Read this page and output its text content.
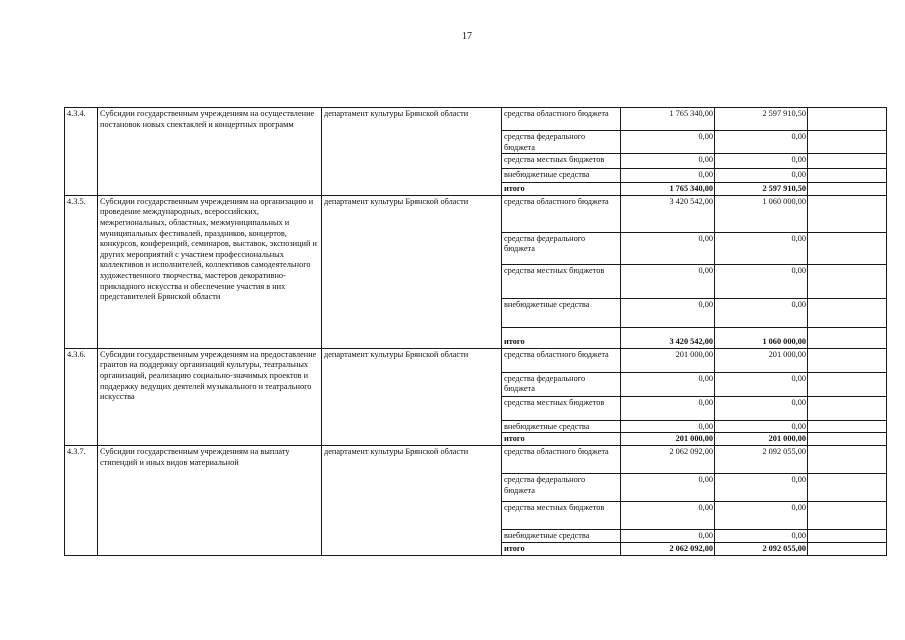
17
4.3.4.	Субсидии государственным учреждениям на осуществление постановок новых спектаклей и концертных программ	департамент культуры Брянской области	средства областного бюджета	1 765 340,00	2 597 910,50	
			средства федерального бюджета	0,00	0,00	
			средства местных бюджетов	0,00	0,00	
			внебюджетные средства	0,00	0,00	
			итого	1 765 340,00	2 597 910,50	
4.3.5.	Субсидии государственным учреждениям на организацию и проведение международных, всероссийских, межрегиональных, областных, межмуниципальных и муниципальных фестивалей, праздников, концертов, конкурсов, конференций, семинаров, выставок, экспозиций и других мероприятий с участием профессиональных коллективов и исполнителей, коллективов самодеятельного художественного творчества, мастеров декоративно-прикладного искусства и обеспечение участия в них представителей Брянской области	департамент культуры Брянской области	средства областного бюджета	3 420 542,00	1 060 000,00	
			средства федерального бюджета	0,00	0,00	
			средства местных бюджетов	0,00	0,00	
			внебюджетные средства	0,00	0,00	
			итого	3 420 542,00	1 060 000,00	
4.3.6.	Субсидии государственным учреждениям на предоставление грантов на поддержку организаций культуры, театральных организаций, реализацию социально-значимых проектов и поддержку ведущих деятелей музыкального и театрального искусства	департамент культуры Брянской области	средства областного бюджета	201 000,00	201 000,00	
			средства федерального бюджета	0,00	0,00	
			средства местных бюджетов	0,00	0,00	
			внебюджетные средства	0,00	0,00	
			итого	201 000,00	201 000,00	
4.3.7.	Субсидии государственным учреждениям на выплату стипендий и иных видов материальной	департамент культуры Брянской области	средства областного бюджета	2 062 092,00	2 092 055,00	
			средства федерального бюджета	0,00	0,00	
			средства местных бюджетов	0,00	0,00	
			внебюджетные средства	0,00	0,00	
			итого	2 062 092,00	2 092 055,00	
